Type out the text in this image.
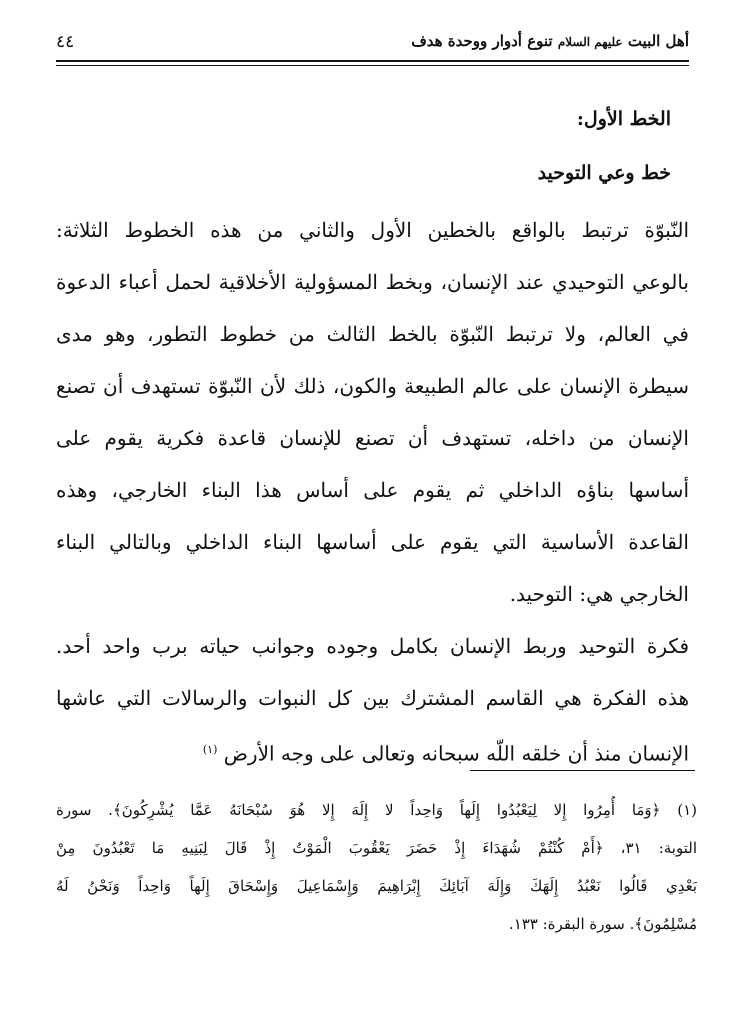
أهل البيت عليهم السلام تنوع أدوار ووحدة هدف
٤٤
الخط الأول:
خط وعي التوحيد
النّبوّة ترتبط بالواقع بالخطين الأول والثاني من هذه الخطوط الثلاثة:
بالوعي التوحيدي عند الإنسان، وبخط المسؤولية الأخلاقية لحمل أعباء الدعوة
في العالم، ولا ترتبط النّبوّة بالخط الثالث من خطوط التطور، وهو مدى
سيطرة الإنسان على عالم الطبيعة والكون، ذلك لأن النّبوّة تستهدف أن تصنع
الإنسان من داخله، تستهدف أن تصنع للإنسان قاعدة فكرية يقوم على
أساسها بناؤه الداخلي ثم يقوم على أساس هذا البناء الخارجي، وهذه
القاعدة الأساسية التي يقوم على أساسها البناء الداخلي وبالتالي البناء
الخارجي هي: التوحيد.
فكرة التوحيد وربط الإنسان بكامل وجوده وجوانب حياته برب واحد أحد.
هذه الفكرة هي القاسم المشترك بين كل النبوات والرسالات التي عاشها
الإنسان منذ أن خلقه اللّه سبحانه وتعالى على وجه الأرض $^{(١)}$
(١) ﴿وَمَا أُمِرُوا إِلا لِيَعْبُدُوا إِلَهاً وَاحِداً لا إِلَهَ إِلا هُوَ سُبْحَانَهُ عَمَّا يُشْرِكُونَ﴾. سورة
التوبة: ٣١، ﴿أَمْ كُنْتُمْ شُهَدَاءَ إِذْ حَضَرَ يَعْقُوبَ الْمَوْتُ إِذْ قَالَ لِبَنِيهِ مَا تَعْبُدُونَ مِنْ
بَعْدِي قَالُوا نَعْبُدُ إِلَهَكَ وَإِلَهَ آبَائِكَ إِبْرَاهِيمَ وَإِسْمَاعِيلَ وَإِسْحَاقَ إِلَهاً وَاحِداً وَنَحْنُ لَهُ
مُسْلِمُونَ﴾. سورة البقرة: ١٣٣.
